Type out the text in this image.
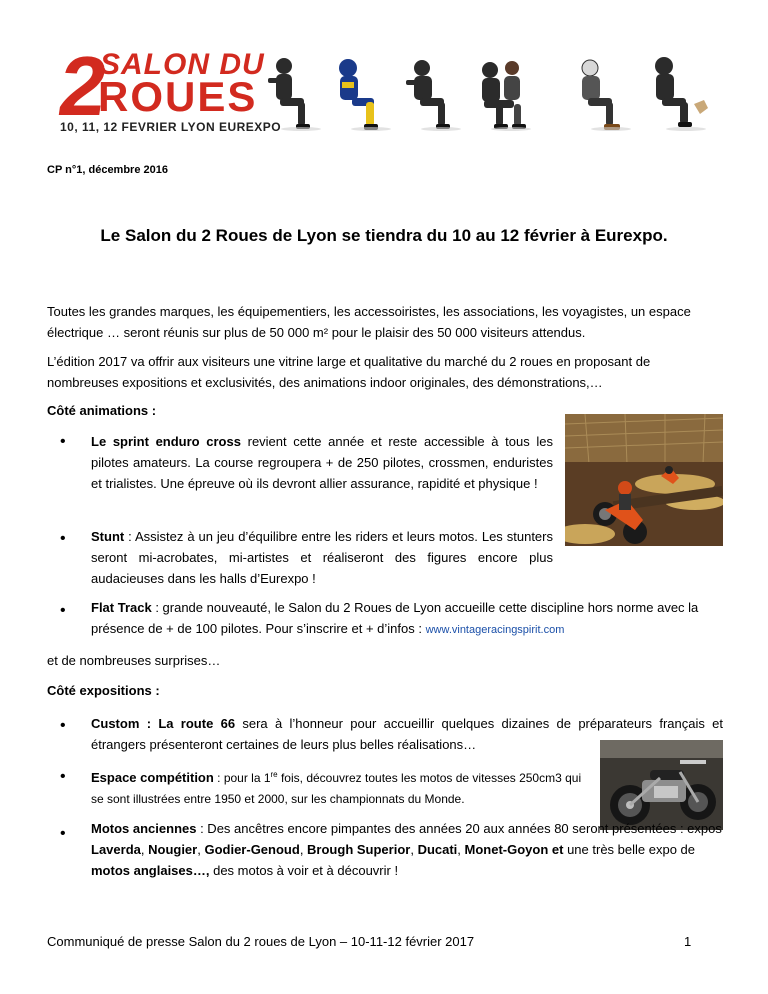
2
SALON DU
ROUES
10, 11, 12 FEVRIER LYON EUREXPO
CP n°1, décembre 2016
Le Salon du 2 Roues de Lyon se tiendra du 10 au 12 février à Eurexpo.
Toutes les grandes marques, les équipementiers, les accessoiristes, les associations, les voyagistes, un espace électrique … seront réunis sur plus de 50 000 m² pour le plaisir des 50 000 visiteurs attendus.
L’édition 2017 va offrir aux visiteurs une vitrine large et qualitative du marché du 2 roues en proposant de nombreuses expositions et exclusivités, des animations indoor originales, des démonstrations,…
Côté animations :
• Le sprint enduro cross revient cette année et reste accessible à tous les pilotes amateurs. La course regroupera + de 250 pilotes, crossmen, enduristes et trialistes. Une épreuve où ils devront allier assurance, rapidité et physique !
• Stunt : Assistez à un jeu d’équilibre entre les riders et leurs motos. Les stunters seront mi-acrobates, mi-artistes et réaliseront des figures encore plus audacieuses dans les halls d’Eurexpo !
• Flat Track : grande nouveauté, le Salon du 2 Roues de Lyon accueille cette discipline hors norme avec la présence de + de 100 pilotes. Pour s’inscrire et + d’infos : www.vintageracingspirit.com
et de nombreuses surprises…
Côté expositions :
• Custom : La route 66 sera à l’honneur pour accueillir quelques dizaines de préparateurs français et étrangers présenteront certaines de leurs plus belles réalisations…
• Espace compétition : pour la 1re fois, découvrez toutes les motos de vitesses 250cm3 qui se sont illustrées entre 1950 et 2000, sur les championnats du Monde.
• Motos anciennes : Des ancêtres encore pimpantes des années 20 aux années 80 seront présentées : expos Laverda, Nougier, Godier-Genoud, Brough Superior, Ducati, Monet-Goyon et une très belle expo de motos anglaises…, des motos à voir et à découvrir !
Communiqué de presse Salon du 2 roues de Lyon – 10-11-12 février 2017	1
